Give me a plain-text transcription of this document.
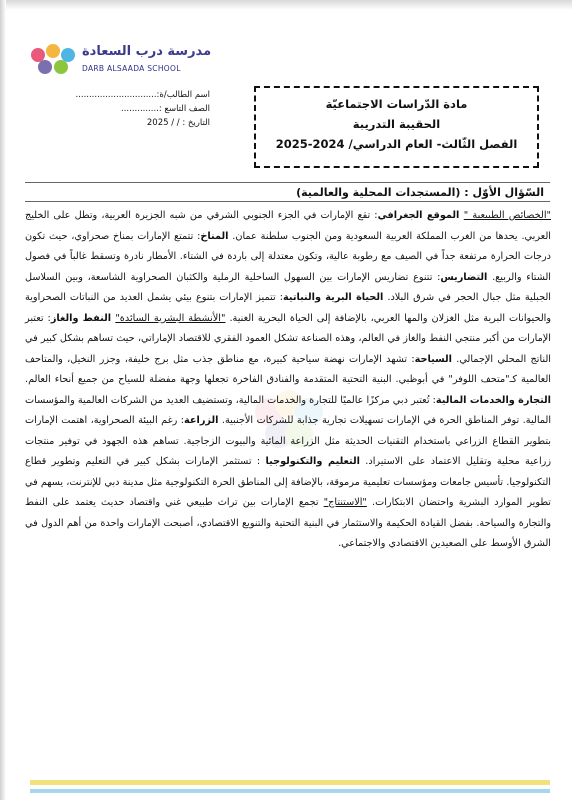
مدرسة درب السعادة
DARB ALSAADA SCHOOL
اسم الطالب/ة:..............................
الصف التاسع :..............
التاريخ : / / 2025
مادة الدّراسات الاجتماعيّة
الحقيبة التدريبة
الفصل الثّالث- العام الدراسي/ 2024-2025
السّؤال الأوّل : (المستجدات المحلية والعالمية)
"الخصائص الطبيعية " الموقع الجغرافي: تقع الإمارات في الجزء الجنوبي الشرقي من شبه الجزيرة العربية، وتطل على الخليج العربي. يحدها من الغرب المملكة العربية السعودية ومن الجنوب سلطنة عمان. المناخ: تتمتع الإمارات بمناخ صحراوي، حيث تكون درجات الحرارة مرتفعة جداً في الصيف مع رطوبة عالية، وتكون معتدلة إلى باردة في الشتاء. الأمطار نادرة وتسقط غالباً في فصول الشتاء والربيع. التضاريس: تتنوع تضاريس الإمارات بين السهول الساحلية الرملية والكثبان الصحراوية الشاسعة، وبين السلاسل الجبلية مثل جبال الحجر في شرق البلاد. الحياة البرية والنباتية: تتميز الإمارات بتنوع بيئي يشمل العديد من النباتات الصحراوية والحيوانات البرية مثل الغزلان والمها العربي، بالإضافة إلى الحياة البحرية الغنية. "الأنشطة البشرية السائدة" النفط والغاز: تعتبر الإمارات من أكبر منتجي النفط والغاز في العالم، وهذه الصناعة تشكل العمود الفقري للاقتصاد الإماراتي، حيث تساهم بشكل كبير في الناتج المحلي الإجمالي. السياحة: تشهد الإمارات نهضة سياحية كبيرة، مع مناطق جذب مثل برج خليفة، وجزر النخيل، والمتاحف العالمية كـ"متحف اللوفر" في أبوظبي. البنية التحتية المتقدمة والفنادق الفاخرة تجعلها وجهة مفضلة للسياح من جميع أنحاء العالم. التجارة والخدمات المالية: تُعتبر دبي مركزًا عالميًا للتجارة والخدمات المالية، وتستضيف العديد من الشركات العالمية والمؤسسات المالية. توفر المناطق الحرة في الإمارات تسهيلات تجارية جذابة للشركات الأجنبية. الزراعة: رغم البيئة الصحراوية، اهتمت الإمارات بتطوير القطاع الزراعي باستخدام التقنيات الحديثة مثل الزراعة المائية والبيوت الزجاجية. تساهم هذه الجهود في توفير منتجات زراعية محلية وتقليل الاعتماد على الاستيراد. التعليم والتكنولوجيا : تستثمر الإمارات بشكل كبير في التعليم وتطوير قطاع التكنولوجيا. تأسيس جامعات ومؤسسات تعليمية مرموقة، بالإضافة إلى المناطق الحرة التكنولوجية مثل مدينة دبي للإنترنت، يسهم في تطوير الموارد البشرية واحتضان الابتكارات. "الاستنتاج" تجمع الإمارات بين تراث طبيعي غني واقتصاد حديث يعتمد على النفط والتجارة والسياحة. بفضل القيادة الحكيمة والاستثمار في البنية التحتية والتنويع الاقتصادي، أصبحت الإمارات واحدة من أهم الدول في الشرق الأوسط على الصعيدين الاقتصادي والاجتماعي.
